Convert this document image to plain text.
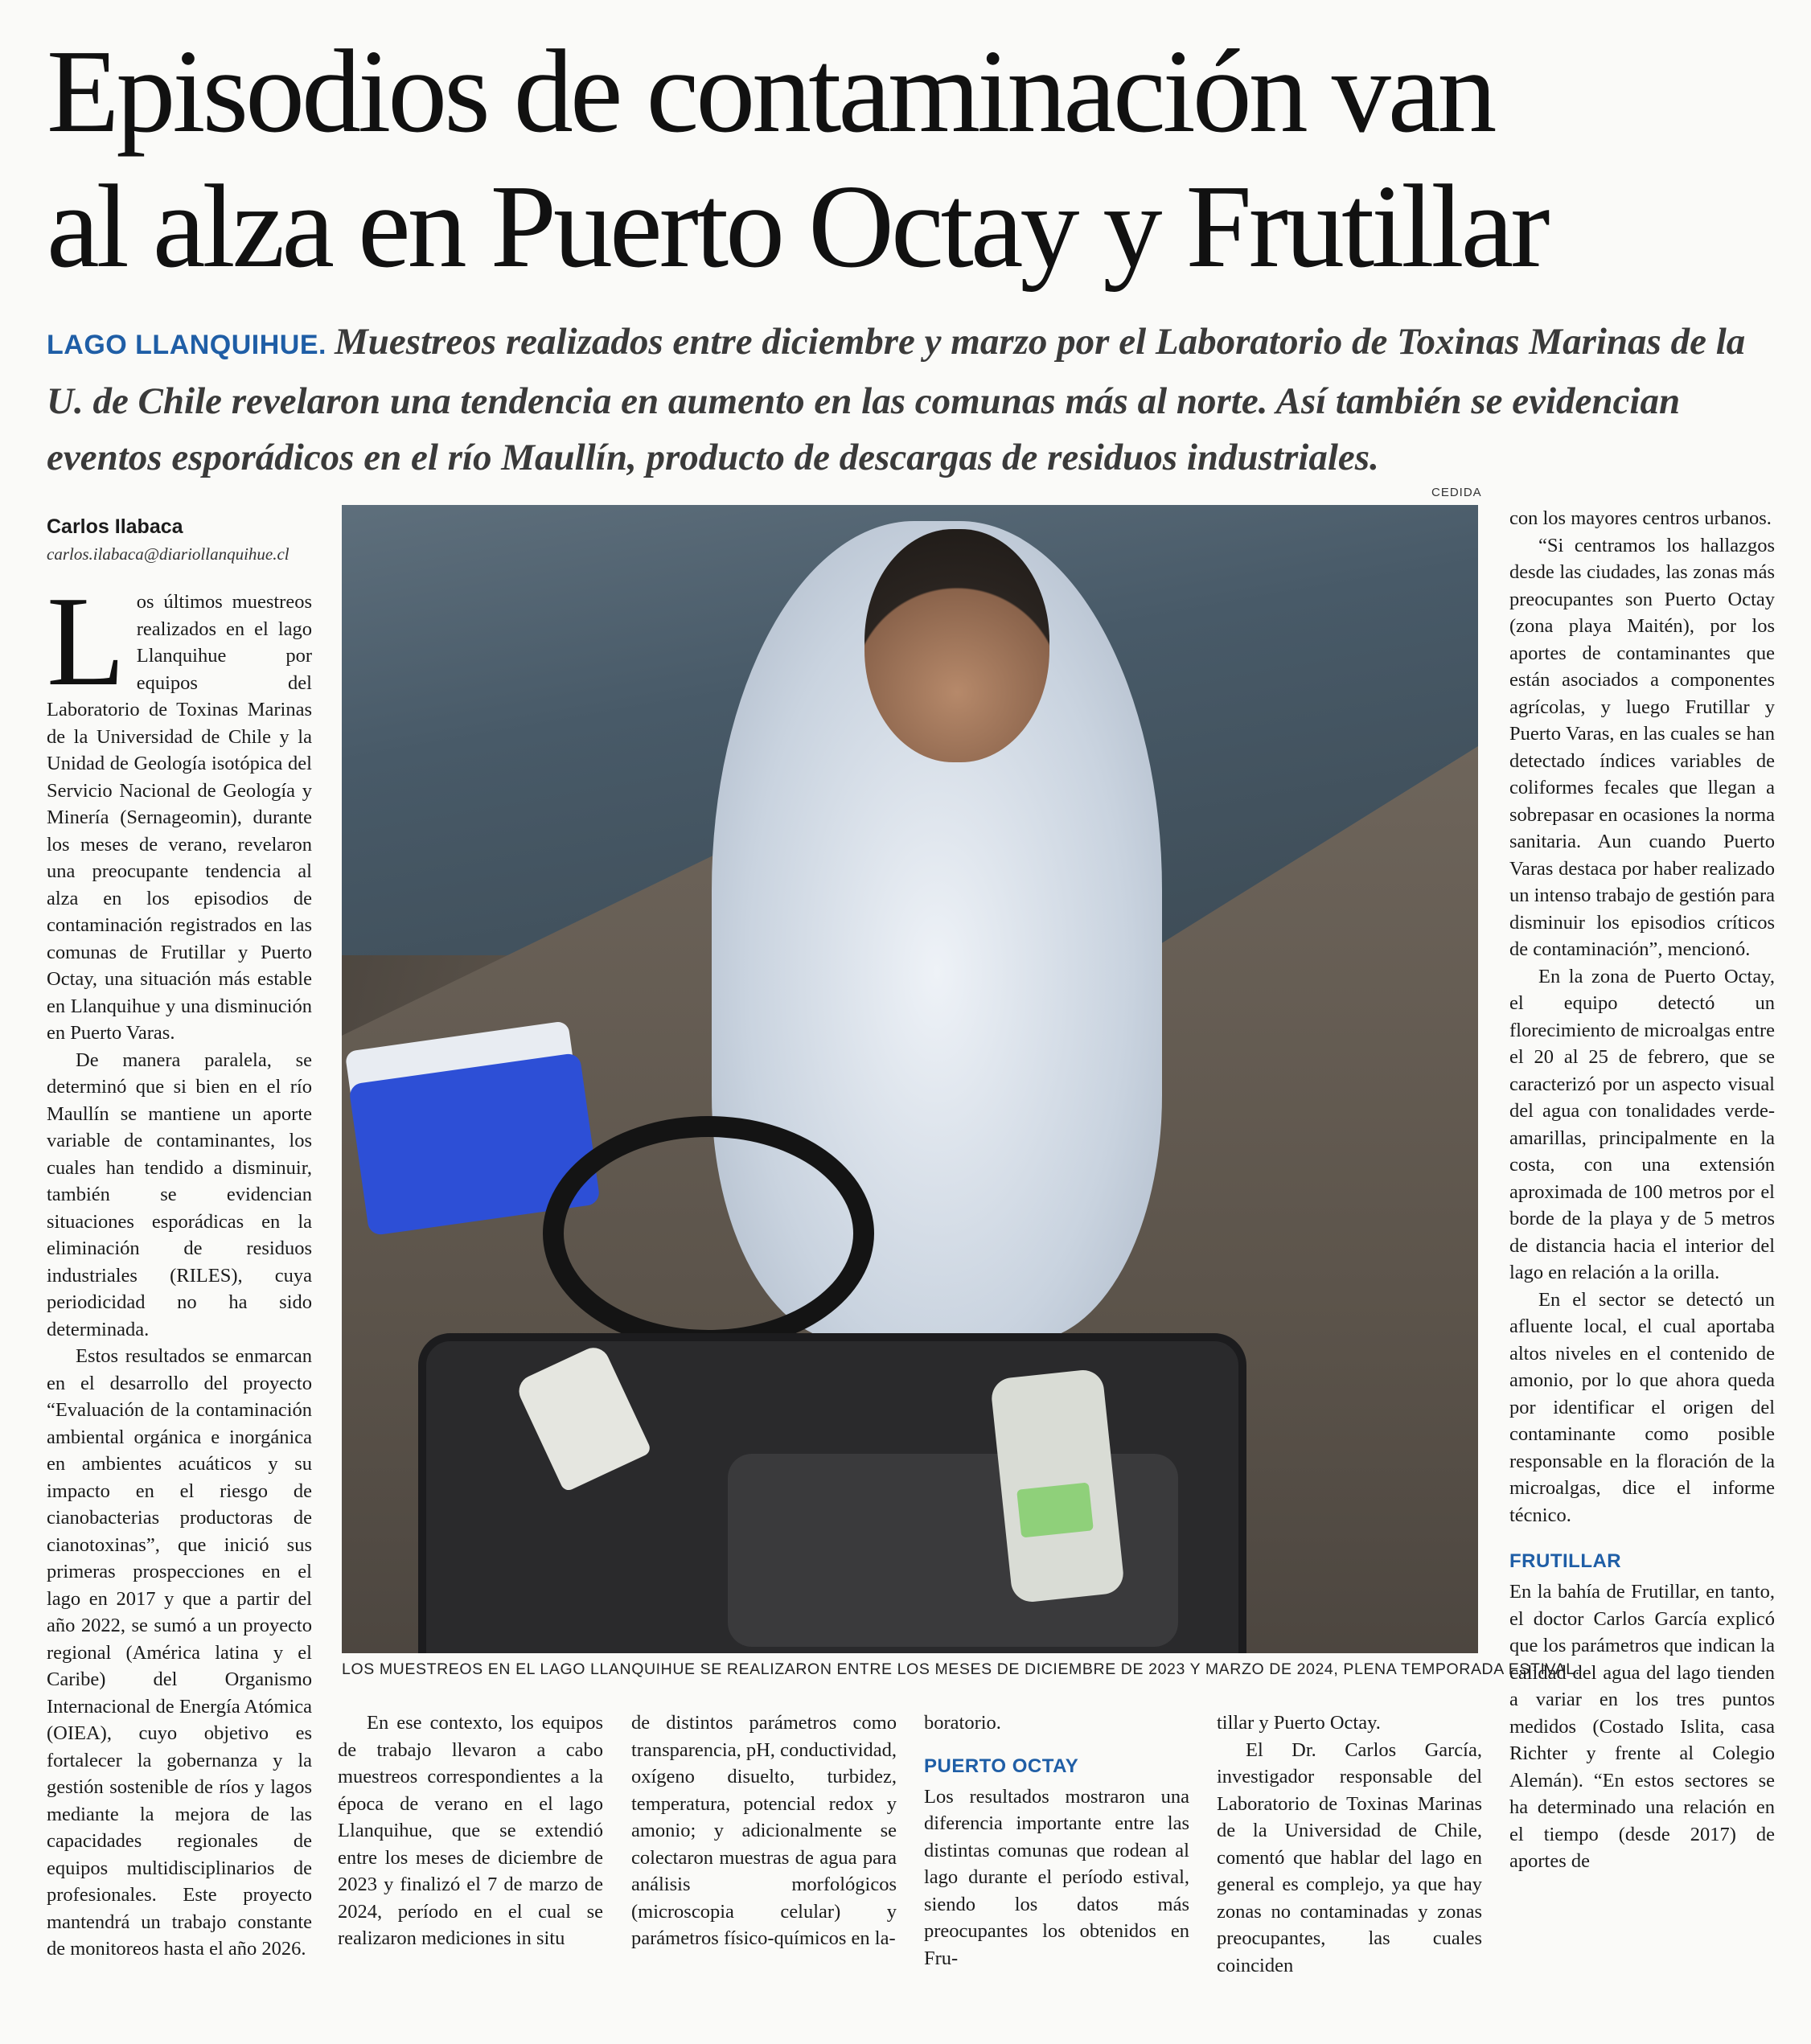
Episodios de contaminación van
al alza en Puerto Octay y Frutillar

LAGO LLANQUIHUE. Muestreos realizados entre diciembre y marzo por el Laboratorio de Toxinas Marinas de la U. de Chile revelaron una tendencia en aumento en las comunas más al norte. Así también se evidencian eventos esporádicos en el río Maullín, producto de descargas de residuos industriales.

Carlos Ilabaca
carlos.ilabaca@diariollanquihue.cl

Los últimos muestreos realizados en el lago Llanquihue por equipos del Laboratorio de Toxinas Marinas de la Universidad de Chile y la Unidad de Geología isotópica del Servicio Nacional de Geología y Minería (Sernageomin), durante los meses de verano, revelaron una preocupante tendencia al alza en los episodios de contaminación registrados en las comunas de Frutillar y Puerto Octay, una situación más estable en Llanquihue y una disminución en Puerto Varas.

De manera paralela, se determinó que si bien en el río Maullín se mantiene un aporte variable de contaminantes, los cuales han tendido a disminuir, también se evidencian situaciones esporádicas en la eliminación de residuos industriales (RILES), cuya periodicidad no ha sido determinada.

Estos resultados se enmarcan en el desarrollo del proyecto “Evaluación de la contaminación ambiental orgánica e inorgánica en ambientes acuáticos y su impacto en el riesgo de cianobacterias productoras de cianotoxinas”, que inició sus primeras prospecciones en el lago en 2017 y que a partir del año 2022, se sumó a un proyecto regional (América latina y el Caribe) del Organismo Internacional de Energía Atómica (OIEA), cuyo objetivo es fortalecer la gobernanza y la gestión sostenible de ríos y lagos mediante la mejora de las capacidades regionales de equipos multidisciplinarios de profesionales. Este proyecto mantendrá un trabajo constante de monitoreos hasta el año 2026.

CEDIDA
LOS MUESTREOS EN EL LAGO LLANQUIHUE SE REALIZARON ENTRE LOS MESES DE DICIEMBRE DE 2023 Y MARZO DE 2024, PLENA TEMPORADA ESTIVAL.

En ese contexto, los equipos de trabajo llevaron a cabo muestreos correspondientes a la época de verano en el lago Llanquihue, que se extendió entre los meses de diciembre de 2023 y finalizó el 7 de marzo de 2024, período en el cual se realizaron mediciones in situ

de distintos parámetros como transparencia, pH, conductividad, oxígeno disuelto, turbidez, temperatura, potencial redox y amonio; y adicionalmente se colectaron muestras de agua para análisis morfológicos (microscopia celular) y parámetros físico-químicos en la-

boratorio.

PUERTO OCTAY

Los resultados mostraron una diferencia importante entre las distintas comunas que rodean al lago durante el período estival, siendo los datos más preocupantes los obtenidos en Fru-

tillar y Puerto Octay.

El Dr. Carlos García, investigador responsable del Laboratorio de Toxinas Marinas de la Universidad de Chile, comentó que hablar del lago en general es complejo, ya que hay zonas no contaminadas y zonas preocupantes, las cuales coinciden

con los mayores centros urbanos.

“Si centramos los hallazgos desde las ciudades, las zonas más preocupantes son Puerto Octay (zona playa Maitén), por los aportes de contaminantes que están asociados a componentes agrícolas, y luego Frutillar y Puerto Varas, en las cuales se han detectado índices variables de coliformes fecales que llegan a sobrepasar en ocasiones la norma sanitaria. Aun cuando Puerto Varas destaca por haber realizado un intenso trabajo de gestión para disminuir los episodios críticos de contaminación”, mencionó.

En la zona de Puerto Octay, el equipo detectó un florecimiento de microalgas entre el 20 al 25 de febrero, que se caracterizó por un aspecto visual del agua con tonalidades verde-amarillas, principalmente en la costa, con una extensión aproximada de 100 metros por el borde de la playa y de 5 metros de distancia hacia el interior del lago en relación a la orilla.

En el sector se detectó un afluente local, el cual aportaba altos niveles en el contenido de amonio, por lo que ahora queda por identificar el origen del contaminante como posible responsable en la floración de la microalgas, dice el informe técnico.

FRUTILLAR

En la bahía de Frutillar, en tanto, el doctor Carlos García explicó que los parámetros que indican la calidad del agua del lago tienden a variar en los tres puntos medidos (Costado Islita, casa Richter y frente al Colegio Alemán). “En estos sectores se ha determinado una relación en el tiempo (desde 2017) de aportes de
